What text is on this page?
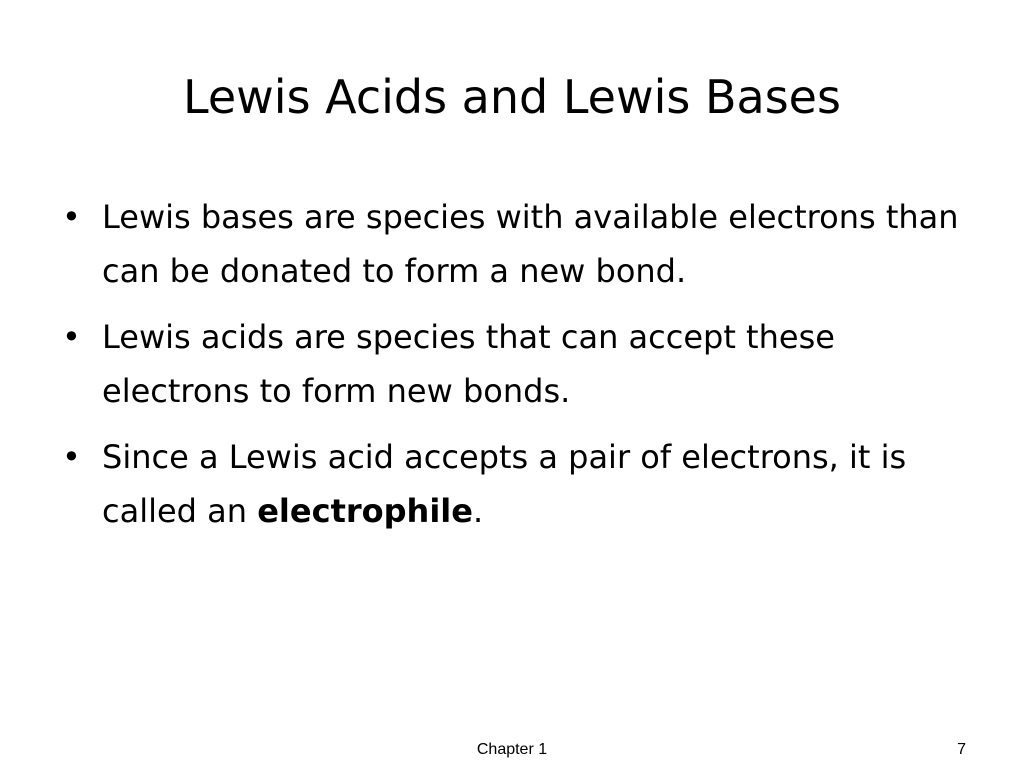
Lewis Acids and Lewis Bases
• Lewis bases are species with available electrons than can be donated to form a new bond.
• Lewis acids are species that can accept these electrons to form new bonds.
• Since a Lewis acid accepts a pair of electrons, it is called an electrophile.
Chapter 1	7
